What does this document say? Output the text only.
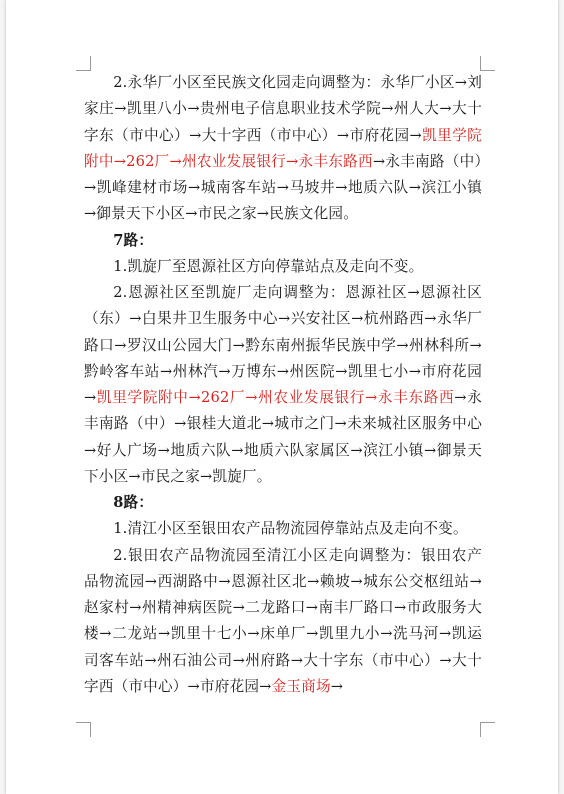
2.永华厂小区至民族文化园走向调整为：永华厂小区→刘家庄→凯里八小→贵州电子信息职业技术学院→州人大→大十字东（市中心）→大十字西（市中心）→市府花园→凯里学院附中→262厂→州农业发展银行→永丰东路西→永丰南路（中）→凯峰建材市场→城南客车站→马坡井→地质六队→滨江小镇→御景天下小区→市民之家→民族文化园。

7路：

1.凯旋厂至恩源社区方向停靠站点及走向不变。

2.恩源社区至凯旋厂走向调整为：恩源社区→恩源社区（东）→白果井卫生服务中心→兴安社区→杭州路西→永华厂路口→罗汉山公园大门→黔东南州振华民族中学→州林科所→黔岭客车站→州林汽→万博东→州医院→凯里七小→市府花园→凯里学院附中→262厂→州农业发展银行→永丰东路西→永丰南路（中）→银桂大道北→城市之门→未来城社区服务中心→好人广场→地质六队→地质六队家属区→滨江小镇→御景天下小区→市民之家→凯旋厂。

8路：

1.清江小区至银田农产品物流园停靠站点及走向不变。

2.银田农产品物流园至清江小区走向调整为：银田农产品物流园→西湖路中→恩源社区北→赖坡→城东公交枢纽站→赵家村→州精神病医院→二龙路口→南丰厂路口→市政服务大楼→二龙站→凯里十七小→床单厂→凯里九小→洗马河→凯运司客车站→州石油公司→州府路→大十字东（市中心）→大十字西（市中心）→市府花园→金玉商场→
